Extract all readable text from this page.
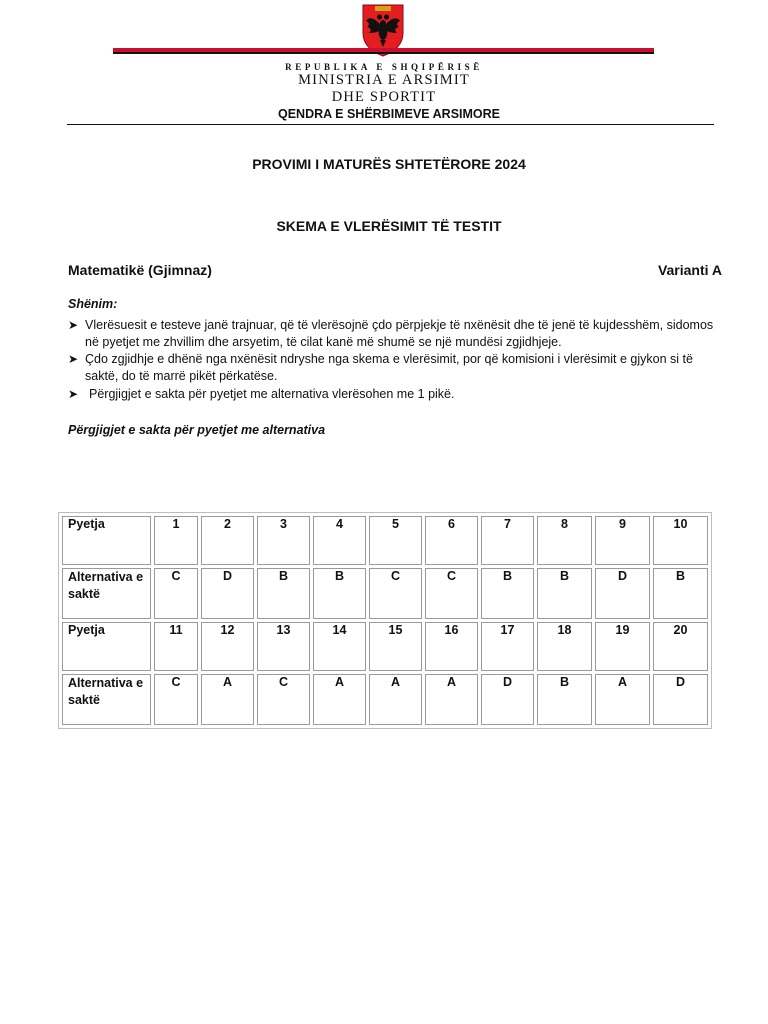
REPUBLIKA E SHQIPËRISË
MINISTRIA E ARSIMIT
DHE SPORTIT
QENDRA E SHËRBIMEVE ARSIMORE
PROVIMI I MATURËS SHTETËRORE 2024
SKEMA E VLERËSIMIT TË TESTIT
Matematikë (Gjimnaz)	Varianti A
Shënim:
➤ Vlerësuesit e testeve janë trajnuar, që të vlerësojnë çdo përpjekje të nxënësit dhe të jenë të kujdesshëm, sidomos në pyetjet me zhvillim dhe arsyetim, të cilat kanë më shumë se një mundësi zgjidhjeje.
➤ Çdo zgjidhje e dhënë nga nxënësit ndryshe nga skema e vlerësimit, por që komisioni i vlerësimit e gjykon si të saktë, do të marrë pikët përkatëse.
➤ Përgjigjet e sakta për pyetjet me alternativa vlerësohen me 1 pikë.
Përgjigjet e sakta për pyetjet me alternativa
Pyetja	1	2	3	4	5	6	7	8	9	10
Alternativa e saktë	C	D	B	B	C	C	B	B	D	B
Pyetja	11	12	13	14	15	16	17	18	19	20
Alternativa e saktë	C	A	C	A	A	A	D	B	A	D
